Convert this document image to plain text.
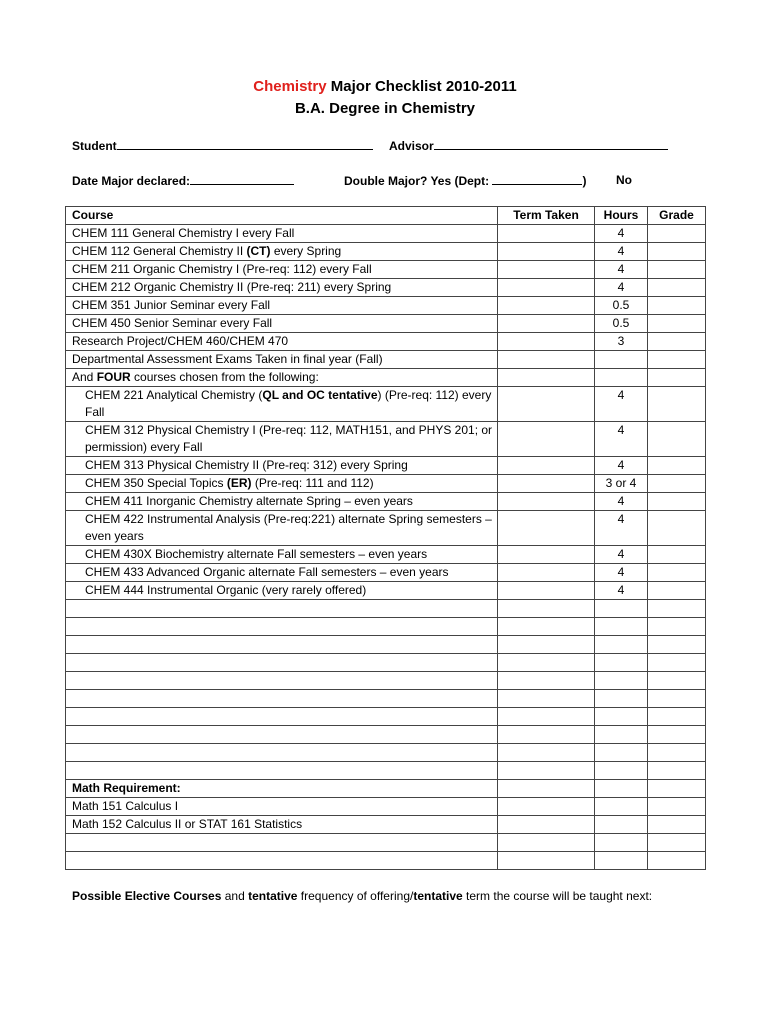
Chemistry Major Checklist 2010-2011
B.A. Degree in Chemistry
Student	Advisor
Date Major declared:	Double Major? Yes (Dept:	) No
Course	Term Taken	Hours	Grade
CHEM 111 General Chemistry I every Fall		4	
CHEM 112 General Chemistry II (CT) every Spring		4	
CHEM 211 Organic Chemistry I (Pre-req: 112) every Fall		4	
CHEM 212 Organic Chemistry II (Pre-req: 211) every Spring		4	
CHEM 351 Junior Seminar every Fall		0.5	
CHEM 450 Senior Seminar every Fall		0.5	
Research Project/CHEM 460/CHEM 470		3	
Departmental Assessment Exams Taken in final year (Fall)			
And FOUR courses chosen from the following:			
CHEM 221 Analytical Chemistry (QL and OC tentative) (Pre-req: 112) every Fall		4	
CHEM 312 Physical Chemistry I (Pre-req: 112, MATH151, and PHYS 201; or permission) every Fall		4	
CHEM 313 Physical Chemistry II (Pre-req: 312) every Spring		4	
CHEM 350 Special Topics (ER) (Pre-req: 111 and 112)		3 or 4	
CHEM 411 Inorganic Chemistry alternate Spring – even years		4	
CHEM 422 Instrumental Analysis (Pre-req:221) alternate Spring semesters – even years		4	
CHEM 430X Biochemistry alternate Fall semesters – even years		4	
CHEM 433 Advanced Organic alternate Fall semesters – even years		4	
CHEM 444 Instrumental Organic (very rarely offered)		4	

Math Requirement:			
Math 151 Calculus I			
Math 152 Calculus II or STAT 161 Statistics			

Possible Elective Courses and tentative frequency of offering/tentative term the course will be taught next:
